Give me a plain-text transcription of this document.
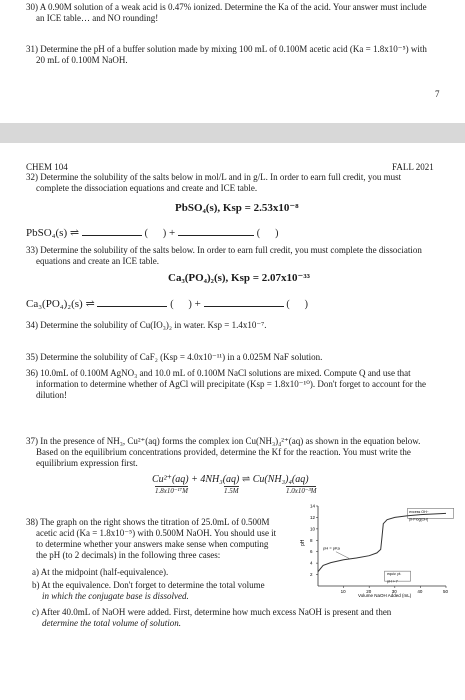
30) A 0.90M solution of a weak acid is 0.47% ionized. Determine the Ka of the acid. Your answer must include
an ICE table… and NO rounding!
31) Determine the pH of a buffer solution made by mixing 100 mL of 0.100M acetic acid (Ka = 1.8x10⁻⁵) with
20 mL of 0.100M NaOH.
7
CHEM 104	FALL 2021
32) Determine the solubility of the salts below in mol/L and in g/L. In order to earn full credit, you must
complete the dissociation equations and create and ICE table.
PbSO₄(s), Ksp = 2.53x10⁻⁸
PbSO₄(s) ⇌	(      ) +	(      )
33) Determine the solubility of the salts below. In order to earn full credit, you must complete the dissociation
equations and create an ICE table.
Ca₃(PO₄)₂(s), Ksp = 2.07x10⁻³³
Ca₃(PO₄)₂(s) ⇌	(      ) +	(      )
34) Determine the solubility of Cu(IO₃)₂ in water. Ksp = 1.4x10⁻⁷.
35) Determine the solubility of CaF₂ (Ksp = 4.0x10⁻¹¹) in a 0.025M NaF solution.
36) 10.0mL of 0.100M AgNO₃ and 10.0 mL of 0.100M NaCl solutions are mixed. Compute Q and use that
information to determine whether of AgCl will precipitate (Ksp = 1.8x10⁻¹⁰). Don't forget to account for the
dilution!
37) In the presence of NH₃, Cu²⁺(aq) forms the complex ion Cu(NH₃)₄²⁺(aq) as shown in the equation below.
Based on the equilibrium concentrations provided, determine the Kf for the reaction. You must write the
equilibrium expression first.
Cu²⁺(aq) + 4NH₃(aq) ⇌ Cu(NH₃)₄(aq)
1.8x10⁻¹⁷M	1.5M	1.0x10⁻³M
38) The graph on the right shows the titration of 25.0mL of 0.500M
acetic acid (Ka = 1.8x10⁻⁵) with 0.500M NaOH. You should use it
to determine whether your answers make sense when computing
the pH (to 2 decimals) in the following three cases:
a) At the midpoint (half-equivalence).
b) At the equivalence. Don't forget to determine the total volume
in which the conjugate base is dissolved.
c) After 40.0mL of NaOH were added. First, determine how much excess NaOH is present and then
determine the total volume of solution.
10	20	30	40	50
2
4
6
8
10
12
14
pH = pKa
equiv. pt.
pH > 7
excess OH⁻
pH=log[OH]
pH
Volume NaOH Added (mL)
